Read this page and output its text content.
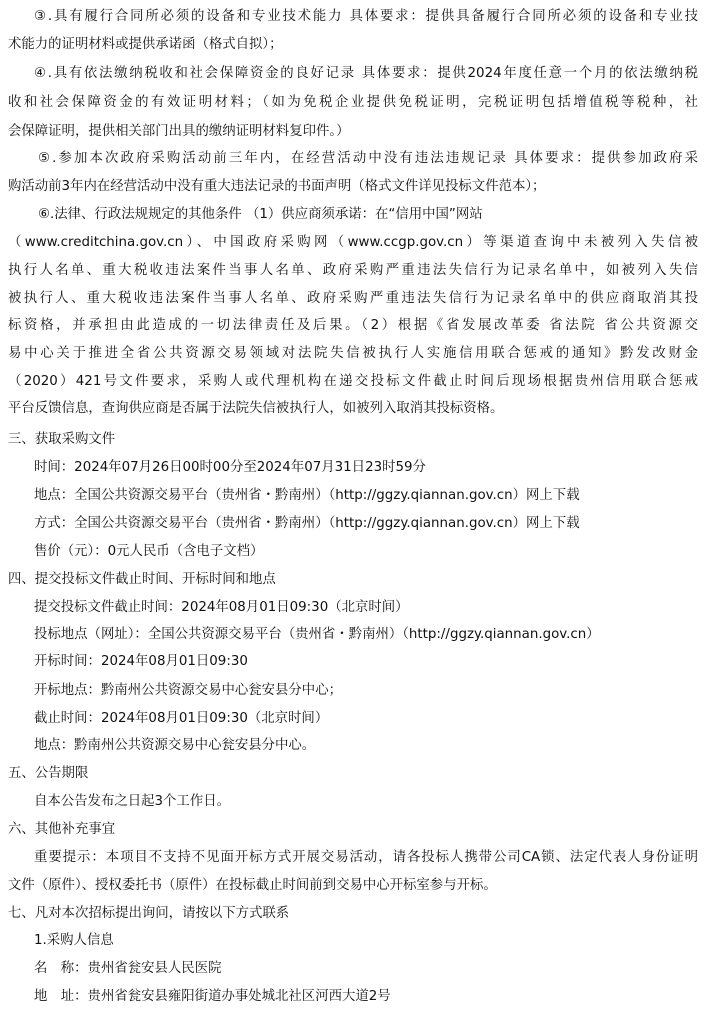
③.具有履行合同所必须的设备和专业技术能力 具体要求：提供具备履行合同所必须的设备和专业技
术能力的证明材料或提供承诺函（格式自拟）；
④.具有依法缴纳税收和社会保障资金的良好记录 具体要求：提供2024年度任意一个月的依法缴纳税
收和社会保障资金的有效证明材料；（如为免税企业提供免税证明，完税证明包括增值税等税种，社
会保障证明，提供相关部门出具的缴纳证明材料复印件。）
⑤.参加本次政府采购活动前三年内，在经营活动中没有违法违规记录 具体要求：提供参加政府采
购活动前3年内在经营活动中没有重大违法记录的书面声明（格式文件详见投标文件范本）；
⑥.法律、行政法规规定的其他条件 （1）供应商须承诺：在“信用中国”网站
（www.creditchina.gov.cn）、中国政府采购网（www.ccgp.gov.cn）等渠道查询中未被列入失信被
执行人名单、重大税收违法案件当事人名单、政府采购严重违法失信行为记录名单中，如被列入失信
被执行人、重大税收违法案件当事人名单、政府采购严重违法失信行为记录名单中的供应商取消其投
标资格，并承担由此造成的一切法律责任及后果。（2）根据《省发展改革委 省法院 省公共资源交
易中心关于推进全省公共资源交易领域对法院失信被执行人实施信用联合惩戒的通知》黔发改财金
（2020）421号文件要求，采购人或代理机构在递交投标文件截止时间后现场根据贵州信用联合惩戒
平台反馈信息，查询供应商是否属于法院失信被执行人，如被列入取消其投标资格。
三、获取采购文件
时间：2024年07月26日00时00分至2024年07月31日23时59分
地点：全国公共资源交易平台（贵州省・黔南州）（http://ggzy.qiannan.gov.cn）网上下载
方式：全国公共资源交易平台（贵州省・黔南州）（http://ggzy.qiannan.gov.cn）网上下载
售价（元）：0元人民币（含电子文档）
四、提交投标文件截止时间、开标时间和地点
提交投标文件截止时间：2024年08月01日09:30（北京时间）
投标地点（网址）：全国公共资源交易平台（贵州省・黔南州）（http://ggzy.qiannan.gov.cn）
开标时间：2024年08月01日09:30
开标地点：黔南州公共资源交易中心瓮安县分中心；
截止时间：2024年08月01日09:30（北京时间）
地点：黔南州公共资源交易中心瓮安县分中心。
五、公告期限
自本公告发布之日起3个工作日。
六、其他补充事宜
重要提示：本项目不支持不见面开标方式开展交易活动，请各投标人携带公司CA锁、法定代表人身份证明
文件（原件）、授权委托书（原件）在投标截止时间前到交易中心开标室参与开标。
七、凡对本次招标提出询问，请按以下方式联系
1.采购人信息
名　称：贵州省瓮安县人民医院
地　址：贵州省瓮安县雍阳街道办事处城北社区河西大道2号
